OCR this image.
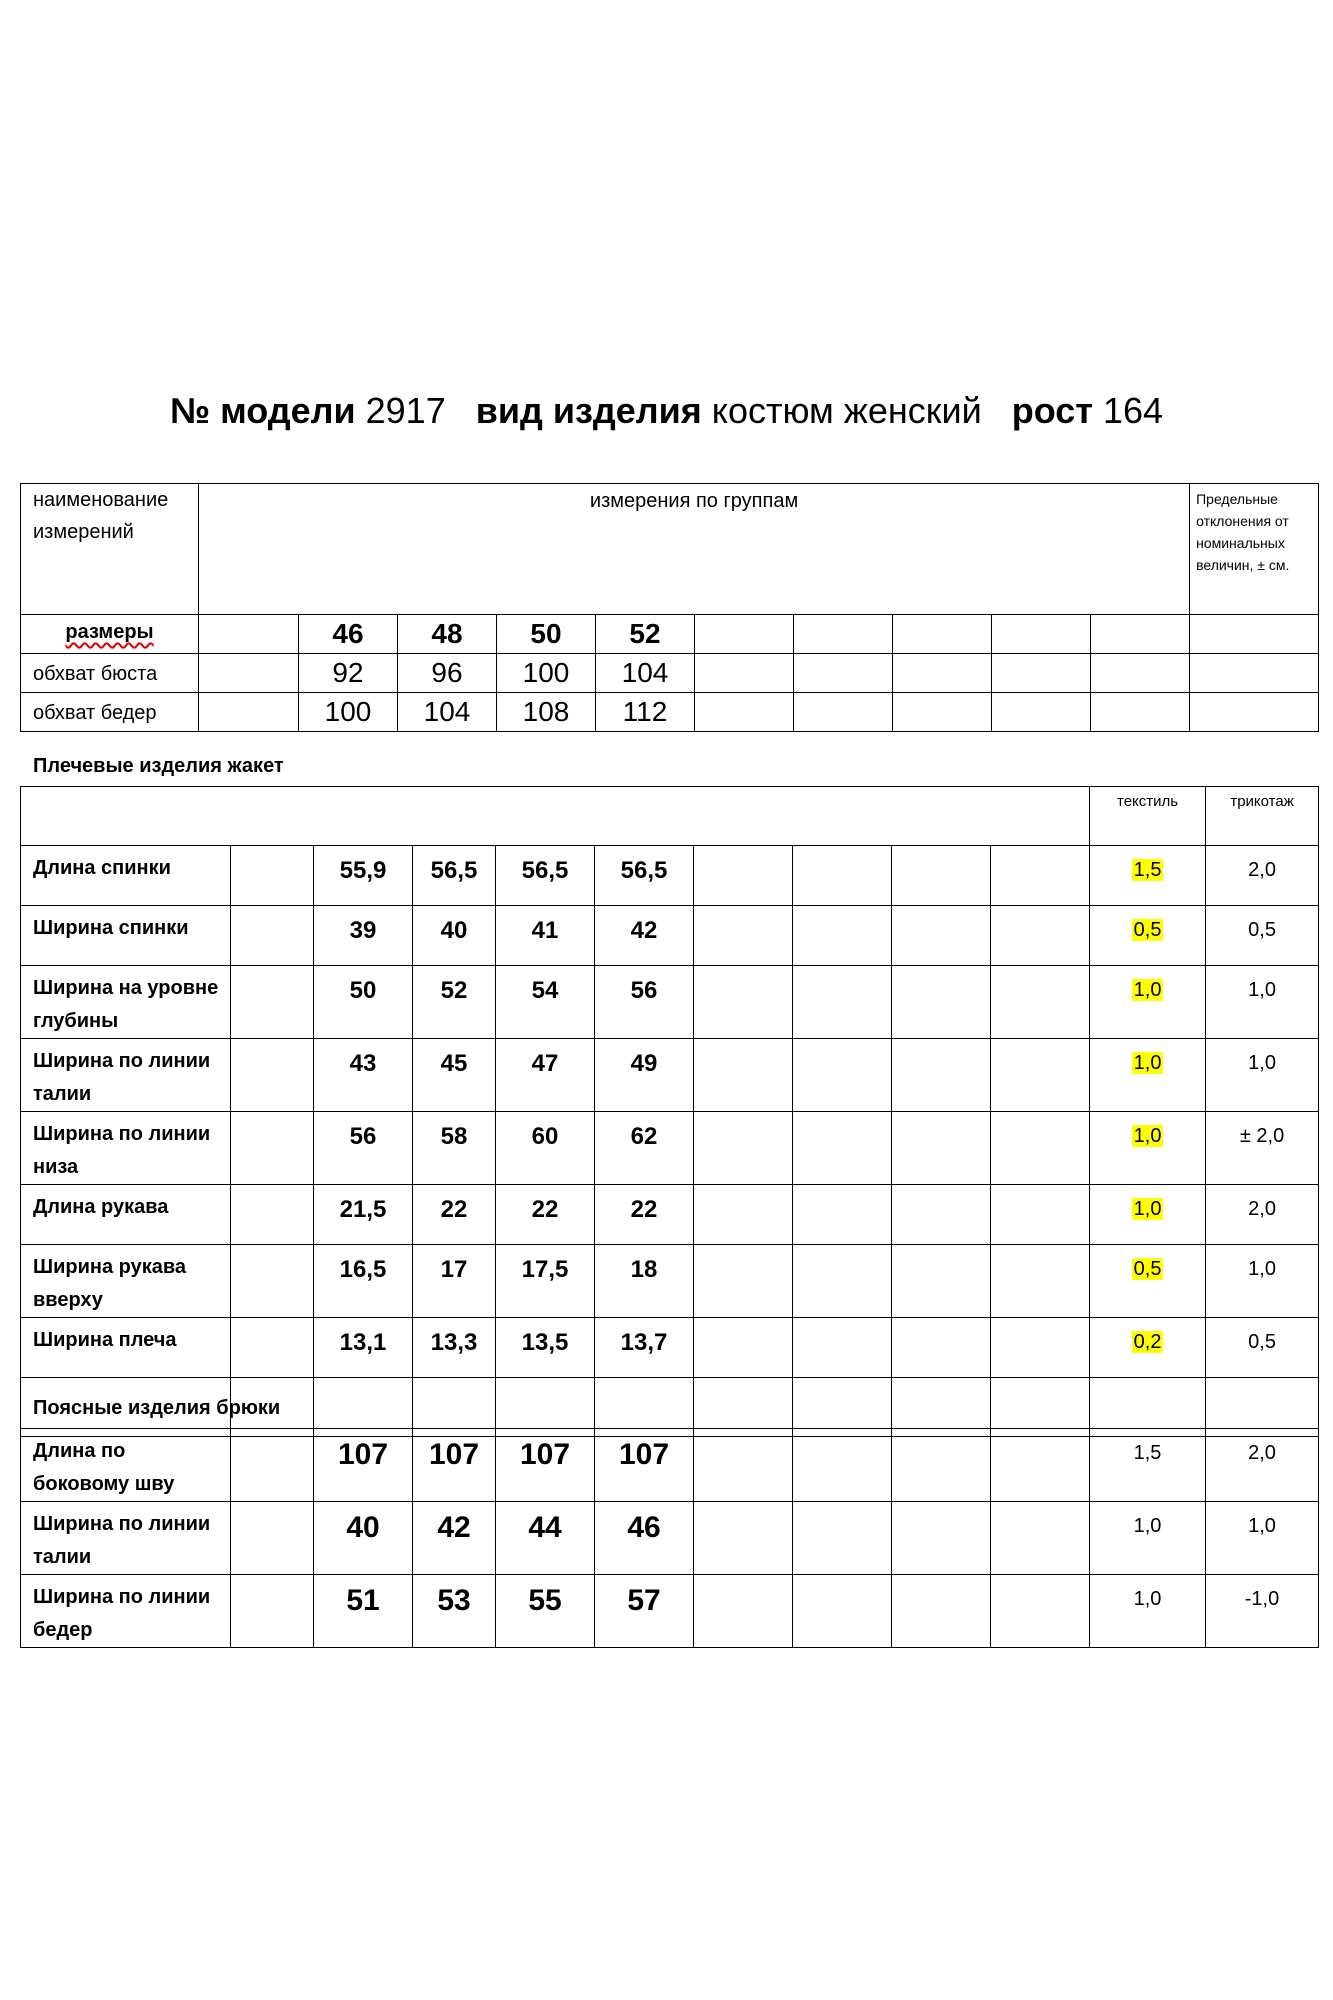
№ модели 2917 вид изделия костюм женский рост 164
наименование измерений	измерения по группам										Предельные отклонения от номинальных величин, ± см.
размеры		46	48	50	52						
обхват бюста		92	96	100	104						
обхват бедер		100	104	108	112						
Плечевые изделия жакет
										текстиль	трикотаж
Длина спинки		55,9	56,5	56,5	56,5					1,5	2,0
Ширина спинки		39	40	41	42					0,5	0,5
Ширина на уровне глубины		50	52	54	56					1,0	1,0
Ширина по линии талии		43	45	47	49					1,0	1,0
Ширина по линии низа		56	58	60	62					1,0	± 2,0
Длина рукава		21,5	22	22	22					1,0	2,0
Ширина рукава вверху		16,5	17	17,5	18					0,5	1,0
Ширина плеча		13,1	13,3	13,5	13,7					0,2	0,5

Поясные изделия брюки
Длина по боковому шву		107	107	107	107					1,5	2,0
Ширина по линии талии		40	42	44	46					1,0	1,0
Ширина по линии бедер		51	53	55	57					1,0	-1,0
